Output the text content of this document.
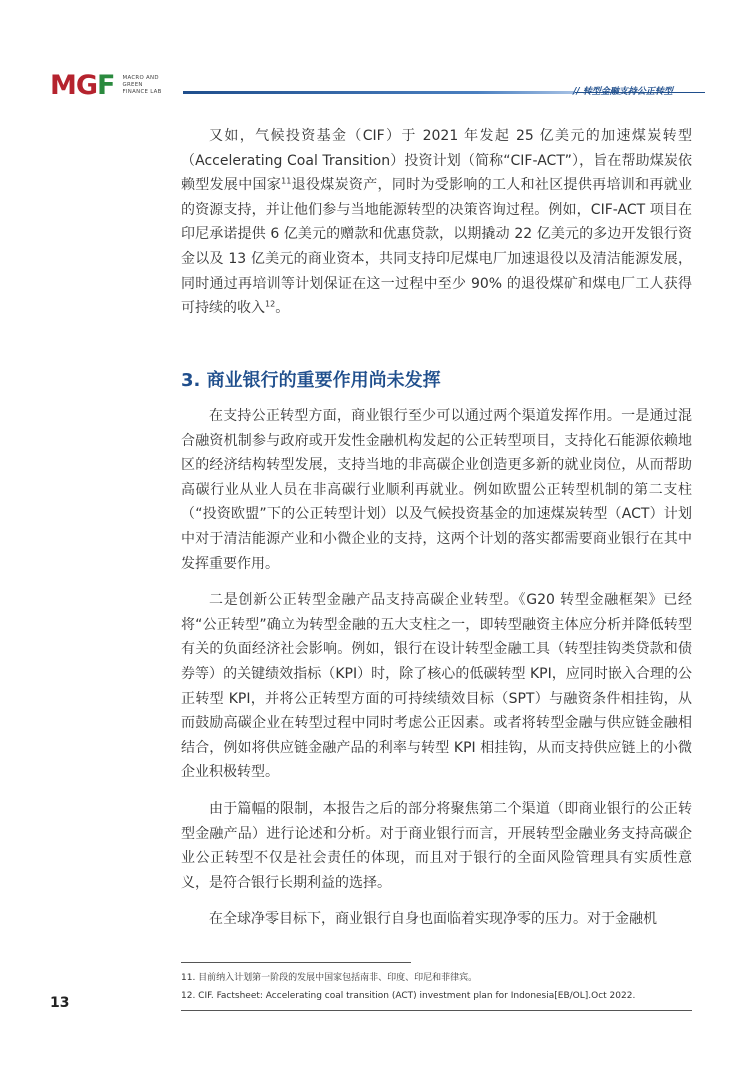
MGF MACRO AND
GREEN
FINANCE LAB	// 转型金融支持公正转型

又如，气候投资基金（CIF）于 2021 年发起 25 亿美元的加速煤炭转型（Accelerating Coal Transition）投资计划（简称“CIF-ACT”），旨在帮助煤炭依赖型发展中国家$^{11}$退役煤炭资产，同时为受影响的工人和社区提供再培训和再就业的资源支持，并让他们参与当地能源转型的决策咨询过程。例如，CIF-ACT 项目在印尼承诺提供 6 亿美元的赠款和优惠贷款，以期撬动 22 亿美元的多边开发银行资金以及 13 亿美元的商业资本，共同支持印尼煤电厂加速退役以及清洁能源发展，同时通过再培训等计划保证在这一过程中至少 90% 的退役煤矿和煤电厂工人获得可持续的收入$^{12}$。

3. 商业银行的重要作用尚未发挥

在支持公正转型方面，商业银行至少可以通过两个渠道发挥作用。一是通过混合融资机制参与政府或开发性金融机构发起的公正转型项目，支持化石能源依赖地区的经济结构转型发展，支持当地的非高碳企业创造更多新的就业岗位，从而帮助高碳行业从业人员在非高碳行业顺利再就业。例如欧盟公正转型机制的第二支柱（“投资欧盟”下的公正转型计划）以及气候投资基金的加速煤炭转型（ACT）计划中对于清洁能源产业和小微企业的支持，这两个计划的落实都需要商业银行在其中发挥重要作用。

二是创新公正转型金融产品支持高碳企业转型。《G20 转型金融框架》已经将“公正转型”确立为转型金融的五大支柱之一，即转型融资主体应分析并降低转型有关的负面经济社会影响。例如，银行在设计转型金融工具（转型挂钩类贷款和债券等）的关键绩效指标（KPI）时，除了核心的低碳转型 KPI，应同时嵌入合理的公正转型 KPI，并将公正转型方面的可持续绩效目标（SPT）与融资条件相挂钩，从而鼓励高碳企业在转型过程中同时考虑公正因素。或者将转型金融与供应链金融相结合，例如将供应链金融产品的利率与转型 KPI 相挂钩，从而支持供应链上的小微企业积极转型。

由于篇幅的限制，本报告之后的部分将聚焦第二个渠道（即商业银行的公正转型金融产品）进行论述和分析。对于商业银行而言，开展转型金融业务支持高碳企业公正转型不仅是社会责任的体现，而且对于银行的全面风险管理具有实质性意义，是符合银行长期利益的选择。

在全球净零目标下，商业银行自身也面临着实现净零的压力。对于金融机

11. 目前纳入计划第一阶段的发展中国家包括南非、印度、印尼和菲律宾。
12. CIF. Factsheet: Accelerating coal transition (ACT) investment plan for Indonesia[EB/OL].Oct 2022.
13
